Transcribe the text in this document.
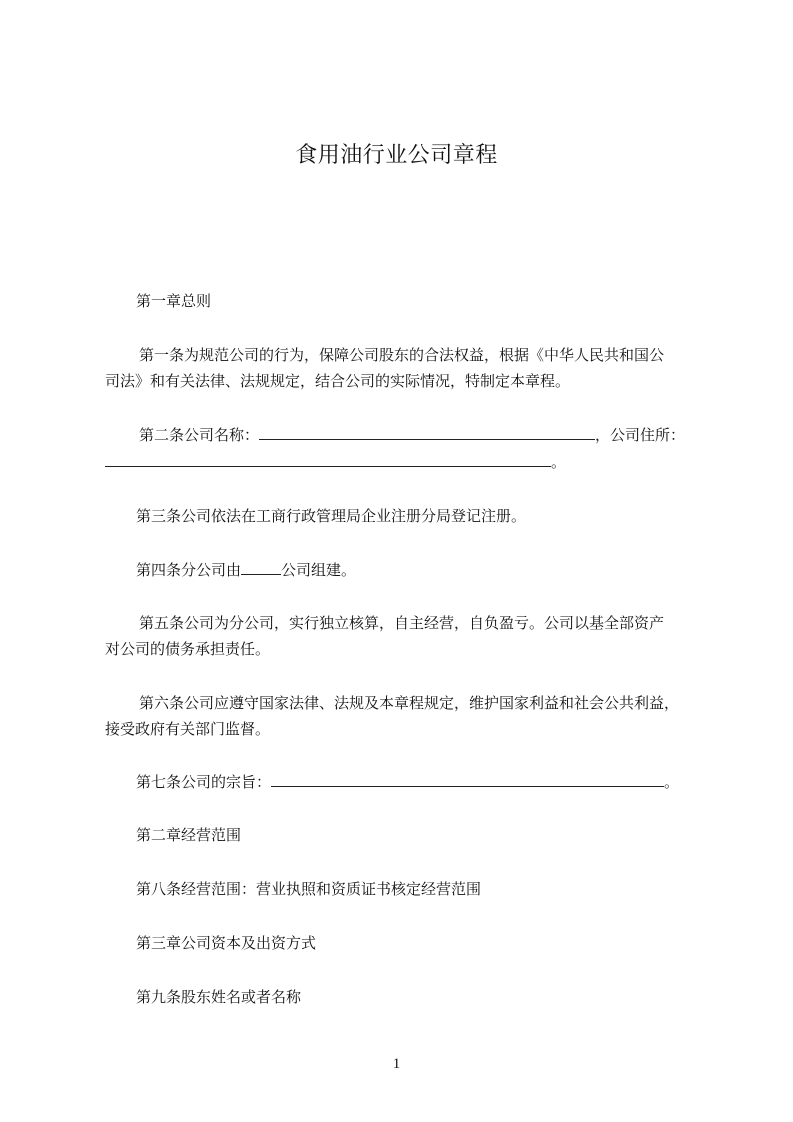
食用油行业公司章程
第一章总则
第一条为规范公司的行为，保障公司股东的合法权益，根据《中华人民共和国公
司法》和有关法律、法规规定，结合公司的实际情况，特制定本章程。
第二条公司名称：	，公司住所：
。
第三条公司依法在工商行政管理局企业注册分局登记注册。
第四条分公司由	公司组建。
第五条公司为分公司，实行独立核算，自主经营，自负盈亏。公司以基全部资产
对公司的债务承担责任。
第六条公司应遵守国家法律、法规及本章程规定，维护国家利益和社会公共利益，
接受政府有关部门监督。
第七条公司的宗旨：	。
第二章经营范围
第八条经营范围：营业执照和资质证书核定经营范围
第三章公司资本及出资方式
第九条股东姓名或者名称
1
